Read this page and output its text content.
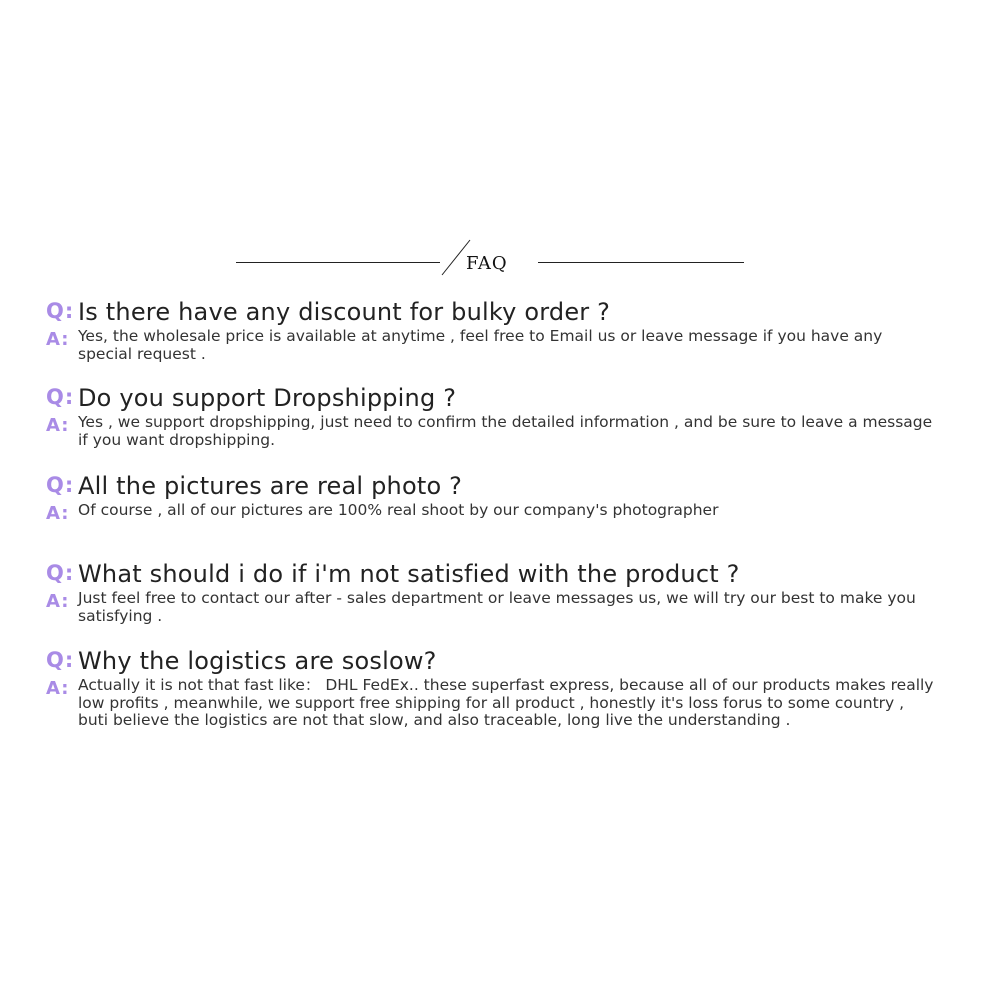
FAQ
Q: Is there have any discount for bulky order ?
A: Yes, the wholesale price is available at anytime , feel free to Email us or leave message if you have any special request .
Q: Do you support Dropshipping ?
A: Yes , we support dropshipping, just need to confirm the detailed information , and be sure to leave a message if you want dropshipping.
Q: All the pictures are real photo ?
A: Of course , all of our pictures are 100% real shoot by our company's photographer
Q: What should i do if i'm not satisfied with the product ?
A: Just feel free to contact our after - sales department or leave messages us, we will try our best to make you satisfying .
Q: Why the logistics are soslow?
A: Actually it is not that fast like： DHL FedEx.. these superfast express, because all of our products makes really low profits , meanwhile, we support free shipping for all product , honestly it's loss forus to some country , buti believe the logistics are not that slow, and also traceable, long live the understanding .
